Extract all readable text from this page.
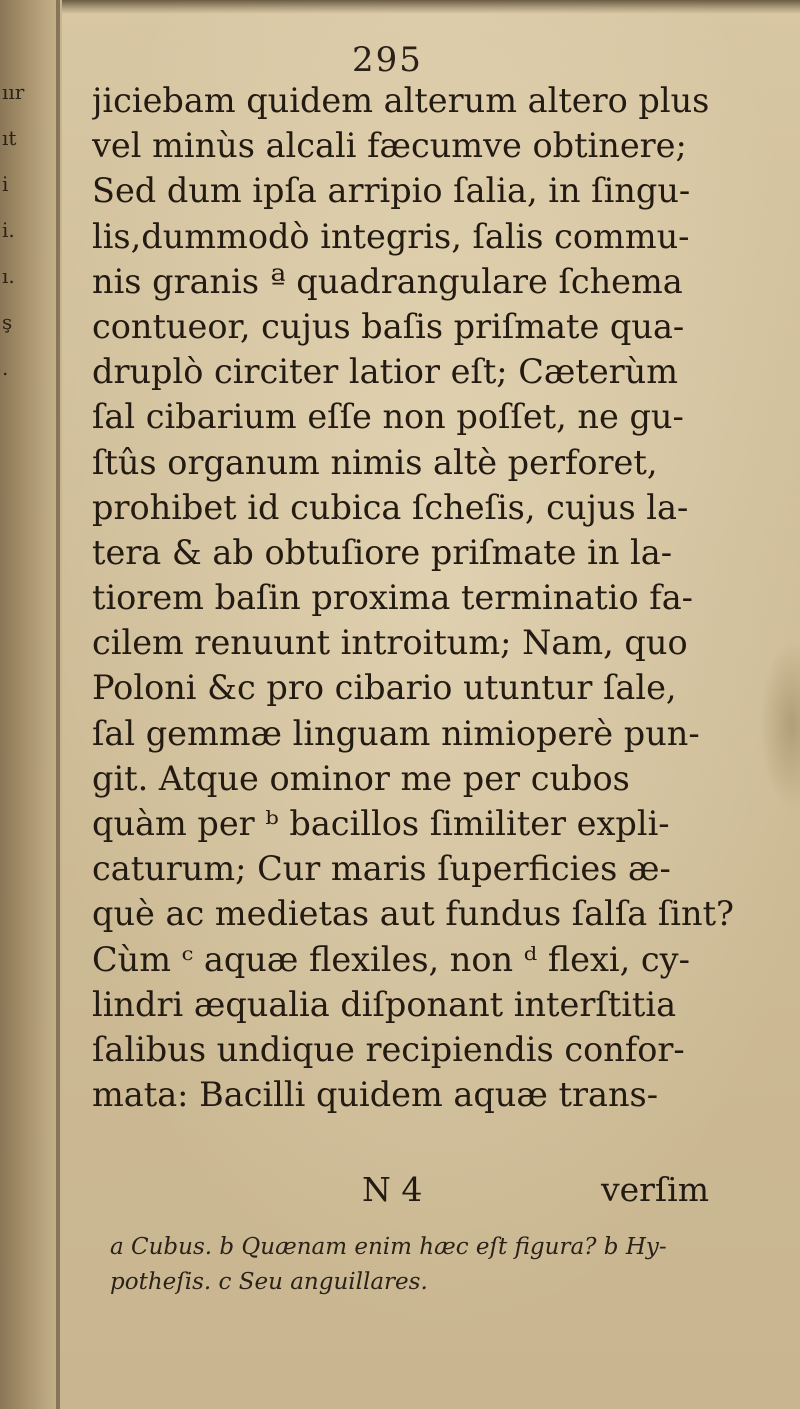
ıır
ıt
i
i.
ı.
ş
.
295
jiciebam quidem alterum altero plus
vel minùs alcali fæcumve obtinere;
Sed dum ipſa arripio ſalia, in ſingu-
lis,dummodò integris, ſalis commu-
nis granis ª quadrangulare ſchema
contueor, cujus baſis priſmate qua-
druplò circiter latior eſt; Cæterùm
ſal cibarium eſſe non poſſet, ne gu-
ſtûs organum nimis altè perforet,
prohibet id cubica ſcheſis, cujus la-
tera & ab obtuſiore priſmate in la-
tiorem baſin proxima terminatio fa-
cilem renuunt introitum; Nam, quo
Poloni &c pro cibario utuntur ſale,
ſal gemmæ linguam nimioperè pun-
git. Atque ominor me per cubos
quàm per ᵇ bacillos ſimiliter expli-
caturum; Cur maris ſuperficies æ-
què ac medietas aut fundus ſalſa ſint?
Cùm ᶜ aquæ flexiles, non ᵈ flexi, cy-
lindri æqualia diſponant interſtitia
ſalibus undique recipiendis confor-
mata: Bacilli quidem aquæ trans-
N 4	verſim
a Cubus. b Quænam enim hæc eſt figura? b Hy-
potheſis. c Seu anguillares.
